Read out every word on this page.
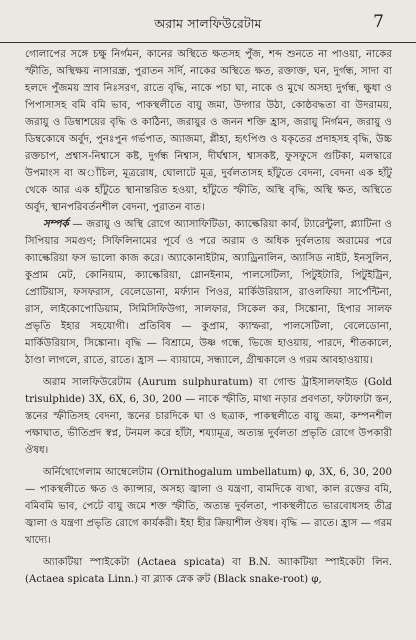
অরাম সালফিউরেটাম	7

গোলাপের সঙ্গে চক্ষু নির্গমন, কানের অস্থিতে ক্ষতসহ পুঁজ, শব্দ শুনতে না পাওয়া, নাকের স্ফীতি, অস্থিক্ষয় নাসারন্ধ্র, পুরাতন সর্দি, নাকের অস্থিতে ক্ষত, রক্তাক্ত, ঘন, দুর্গন্ধ, সাদা বা হলদে পুঁজময় স্রাব নিঃসরণ, রাতে বৃদ্ধি, নাকে পচা ঘা, নাকে ও মুখে অসহ্য দুর্গন্ধ, ক্ষুধা ও পিপাসাসহ বমি বমি ভাব, পাকস্থলীতে বায়ু জমা, উদ্গার উঠা, কোষ্ঠবদ্ধতা বা উদরাময়, জরায়ু ও ডিম্বাশয়ের বৃদ্ধি ও কাঠিন্য, জরায়ুর ও জনন শক্তি হ্রাস, জরায়ু নির্গমন, জরায়ু ও ডিম্বকোষে অর্বুদ, পুনঃপুন গর্ভপাত, অ্যাজমা, প্লীহা, হৃৎপিণ্ড ও যকৃতের প্রদাহসহ বৃদ্ধি, উচ্চ রক্তচাপ, প্রশ্বাস-নিশ্বাসে কষ্ট, দুর্গন্ধ নিশ্বাস, দীর্ঘশ্বাস, শ্বাসকষ্ট, ফুসফুসে গুটিকা, মলদ্বারে উপমাংস বা অাঁচিল, মূত্ররোধ, ঘোলাটে মূত্র, দুর্বলতাসহ হাঁটুতে বেদনা, বেদনা এক হাঁটু থেকে আর এক হাঁটুতে স্থানান্তরিত হওয়া, হাঁটুতে স্ফীতি, অস্থি বৃদ্ধি, অস্থি ক্ষত, অস্থিতে অর্বুদ, স্থানপরিবর্তনশীল বেদনা, পুরাতন বাত।

সম্পর্ক — জরায়ু ও অস্থি রোগে অ্যাসাফিটিডা, ক্যাল্কেরিয়া কার্ব, ট্যারেন্টুলা, প্ল্যাটিনা ও সিপিয়ার সমগুণ; সিফিলিনামের পূর্বে ও পরে অরাম ও অধিক দুর্বলতায় অরামের পরে ক্যাল্কেরিয়া ফস ভালো কাজ করে। অ্যাকোনাইটাম, অ্যাড্রিনালিন, অ্যাসিড নাইট, ইনসুলিন, কুপ্রাম মেট, কোনিয়াম, ক্যাল্কেরিয়া, গ্লোনইনাম, পালসেটিলা, পিটুইটারি, পিটুইট্রিন, প্রোটিয়াস, ফসফরাস, বেলেডোনা, মর্ফ্যান পিওর, মার্কিউরিয়াস, রাওলফিয়া সার্পেন্টিনা, রাস, লাইকোপোডিয়াম, সিমিসিফিউগা, সালফার, সিকেল কর, সিঙ্কোনা, হিপার সালফ প্রভৃতি ইহার সহযোগী। প্রতিবিষ — কুপ্রাম, ক্যাম্ফরা, পালসেটিলা, বেলেডোনা, মার্কিউরিয়াস, সিঙ্কোনা। বৃদ্ধি — বিশ্রামে, উষ্ণ গন্ধে, ভিজে হাওয়ায়, পারদে, শীতকালে, ঠাণ্ডা লাগলে, রাতে, রাতে। হ্রাস — ব্যায়ামে, সন্ধ্যালে, গ্রীষ্মকালে ও গরম আবহাওয়ায়।

অরাম সালফিউরেটাম (Aurum sulphuratum) বা গোল্ড ট্রাইসালফাইড (Gold trisulphide) 3X, 6X, 6, 30, 200 — নাকে স্ফীতি, মাথা নড়ার প্রবণতা, ফটাফাটা স্তন, স্তনের স্ফীতিসহ বেদনা, স্তনের চারদিকে ঘা ও ছত্রাক, পাকস্থলীতে বায়ু জমা, কম্পনশীল পক্ষাঘাত, ভীতিপ্রদ স্বপ্ন, টনমল করে হাঁটা, শয্যামূত্র, অত্যন্ত দুর্বলতা প্রভৃতি রোগে উপকারী ঔষধ।

অর্নিথোগেলাম আম্বেলেটাম (Ornithogalum umbellatum) φ, 3X, 6, 30, 200 — পাকস্থলীতে ক্ষত ও ক্যান্সার, অসহ্য জ্বালা ও যন্ত্রণা, বামদিকে ব্যথা, কাল রক্তের বমি, বমিবমি ভাব, পেটে বায়ু জমে শক্ত স্ফীতি, অত্যন্ত দুর্বলতা, পাকস্থলীতে ভারবোধসহ তীব্র জ্বালা ও যন্ত্রণা প্রভৃতি রোগে কার্যকরী। ইহা হীর ক্রিয়াশীল ঔষধ। বৃদ্ধি — রাতে। হ্রাস — গরম খাদ্যে।

অ্যাকটিয়া স্পাইকেটা (Actaea spicata) বা B.N. অ্যাকটিয়া স্পাইকেটা লিন. (Actaea spicata Linn.) বা ব্ল্যাক স্নেক রুট (Black snake-root) φ,
